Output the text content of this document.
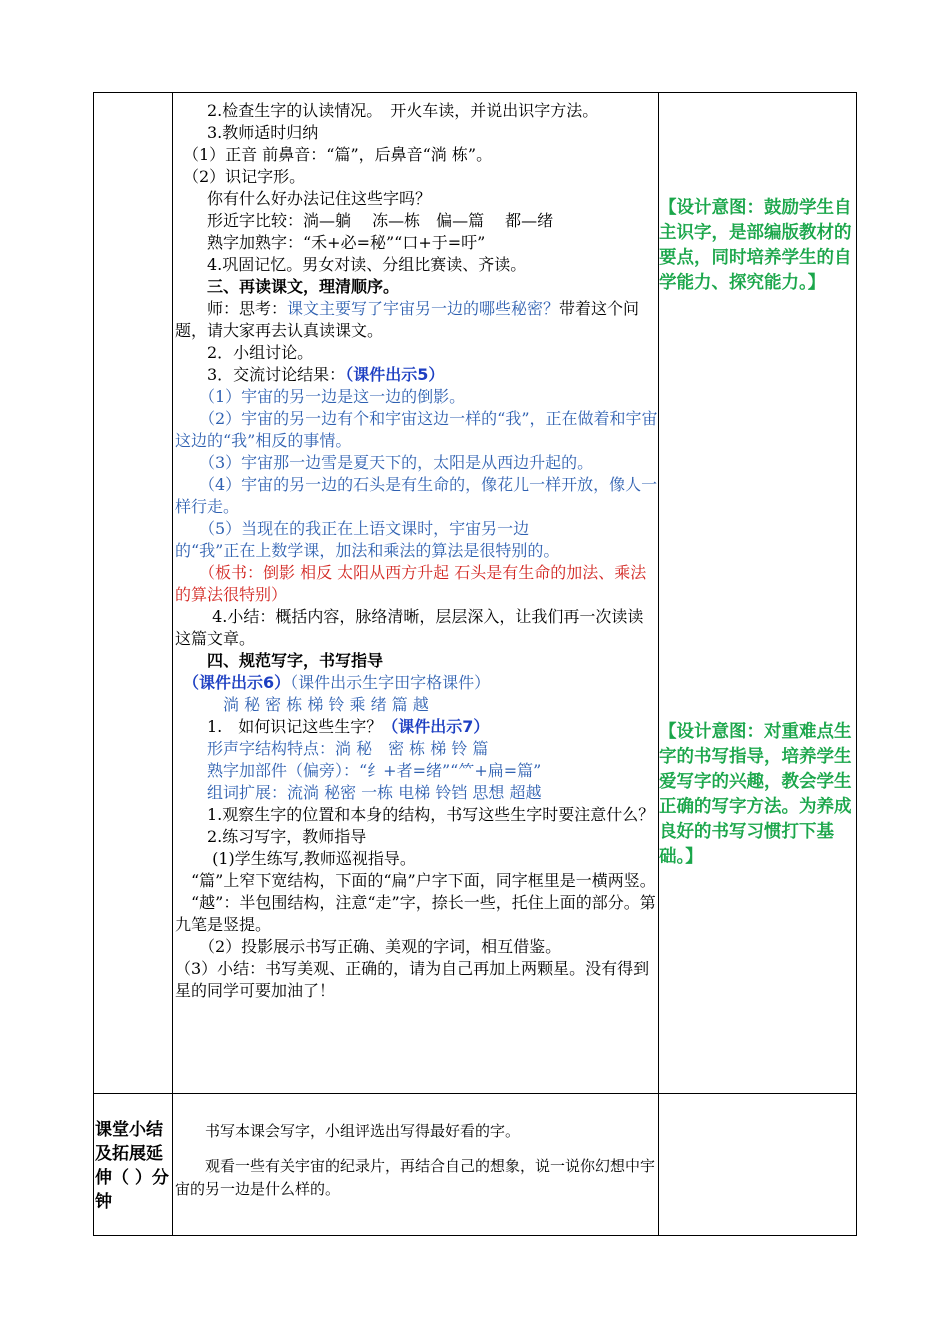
　　2.检查生字的认读情况。　开火车读，并说出识字方法。

　　3.教师适时归纳

　（1）正音 前鼻音：“篇”，后鼻音“淌 栋”。

　（2）识记字形。

　　你有什么好办法记住这些字吗？

　　形近字比较：淌—躺　 冻—栋　偏—篇　 都—绪

　　熟字加熟字：“禾+必=秘”“口+于=吁”

　　4.巩固记忆。男女对读、分组比赛读、齐读。

　　三、再读课文，理清顺序。

　　师：思考：课文主要写了宇宙另一边的哪些秘密？带着这个问题，请大家再去认真读课文。

　　2．小组讨论。

　　3．交流讨论结果：（课件出示5）

　　（1）宇宙的另一边是这一边的倒影。

　　（2）宇宙的另一边有个和宇宙这边一样的“我”，正在做着和宇宙这边的“我”相反的事情。

　　（3）宇宙那一边雪是夏天下的，太阳是从西边升起的。

　　（4）宇宙的另一边的石头是有生命的，像花儿一样开放，像人一样行走。

　　（5）当现在的我正在上语文课时，宇宙另一边

的“我”正在上数学课，加法和乘法的算法是很特别的。

　　（板书：倒影 相反 太阳从西方升起 石头是有生命的加法、乘法的算法很特别）

　　 4.小结：概括内容，脉络清晰，层层深入，让我们再一次读读这篇文章。

　　四、规范写字，书写指导

　（课件出示6）（课件出示生字田字格课件）

　　　淌 秘 密 栋 梯 铃 乘 绪 篇 越

　　1.　如何识记这些生字？（课件出示7）

　　形声字结构特点：淌 秘　密 栋 梯 铃 篇

　　熟字加部件（偏旁）：“纟+者=绪”“⺮+扁=篇”

　　组词扩展：流淌 秘密 一栋 电梯 铃铛 思想 超越

　　1.观察生字的位置和本身的结构，书写这些生字时要注意什么？

　　2.练习写字，教师指导

　　 (1)学生练写,教师巡视指导。

　“篇”上窄下宽结构，下面的“扁”户字下面，同字框里是一横两竖。

　“越”：半包围结构，注意“走”字，捺长一些，托住上面的部分。第九笔是竖提。

　　（2）投影展示书写正确、美观的字词，相互借鉴。

（3）小结：书写美观、正确的，请为自己再加上两颗星。没有得到星的同学可要加油了！

【设计意图：鼓励学生自主识字，是部编版教材的要点，同时培养学生的自学能力、探究能力。】
【设计意图：对重难点生字的书写指导，培养学生爱写字的兴趣，教会学生正确的写字方法。为养成良好的书写习惯打下基础。】
课堂小结及拓展延伸（ ）分钟

　　书写本课会写字，小组评选出写得最好看的字。

　　观看一些有关宇宙的纪录片，再结合自己的想象，说一说你幻想中宇宙的另一边是什么样的。
